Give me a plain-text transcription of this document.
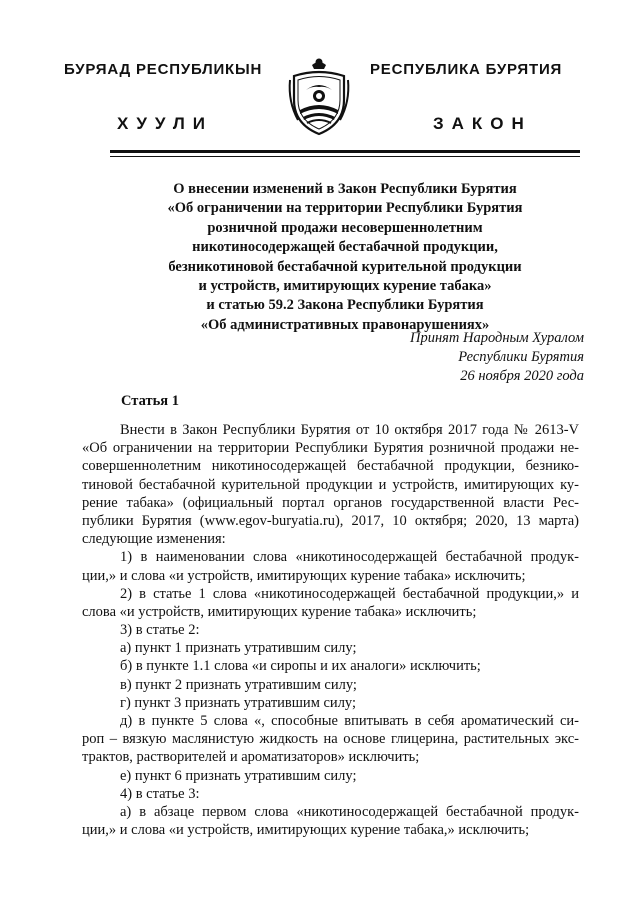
БУРЯАД РЕСПУБЛИКЫН	РЕСПУБЛИКА БУРЯТИЯ
ХУУЛИ	ЗАКОН
О внесении изменений в Закон Республики Бурятия
«Об ограничении на территории Республики Бурятия
розничной продажи несовершеннолетним
никотиносодержащей бестабачной продукции,
безникотиновой бестабачной курительной продукции
и устройств, имитирующих курение табака»
и статью 59.2 Закона Республики Бурятия
«Об административных правонарушениях»
Принят Народным Хуралом
Республики Бурятия
26 ноября 2020 года
Статья 1
Внести в Закон Республики Бурятия от 10 октября 2017 года № 2613-V
«Об ограничении на территории Республики Бурятия розничной продажи не-
совершеннолетним никотиносодержащей бестабачной продукции, безнико-
тиновой бестабачной курительной продукции и устройств, имитирующих ку-
рение табака» (официальный портал органов государственной власти Рес-
публики Бурятия (www.egov-buryatia.ru), 2017, 10 октября; 2020, 13 марта)
следующие изменения:
1) в наименовании слова «никотиносодержащей бестабачной продук-
ции,» и слова «и устройств, имитирующих курение табака» исключить;
2) в статье 1 слова «никотиносодержащей бестабачной продукции,» и
слова «и устройств, имитирующих курение табака» исключить;
3) в статье 2:
а) пункт 1 признать утратившим силу;
б) в пункте 1.1 слова «и сиропы и их аналоги» исключить;
в) пункт 2 признать утратившим силу;
г) пункт 3 признать утратившим силу;
д) в пункте 5 слова «, способные впитывать в себя ароматический си-
роп – вязкую маслянистую жидкость на основе глицерина, растительных экс-
трактов, растворителей и ароматизаторов» исключить;
е) пункт 6 признать утратившим силу;
4) в статье 3:
а) в абзаце первом слова «никотиносодержащей бестабачной продук-
ции,» и слова «и устройств, имитирующих курение табака,» исключить;
